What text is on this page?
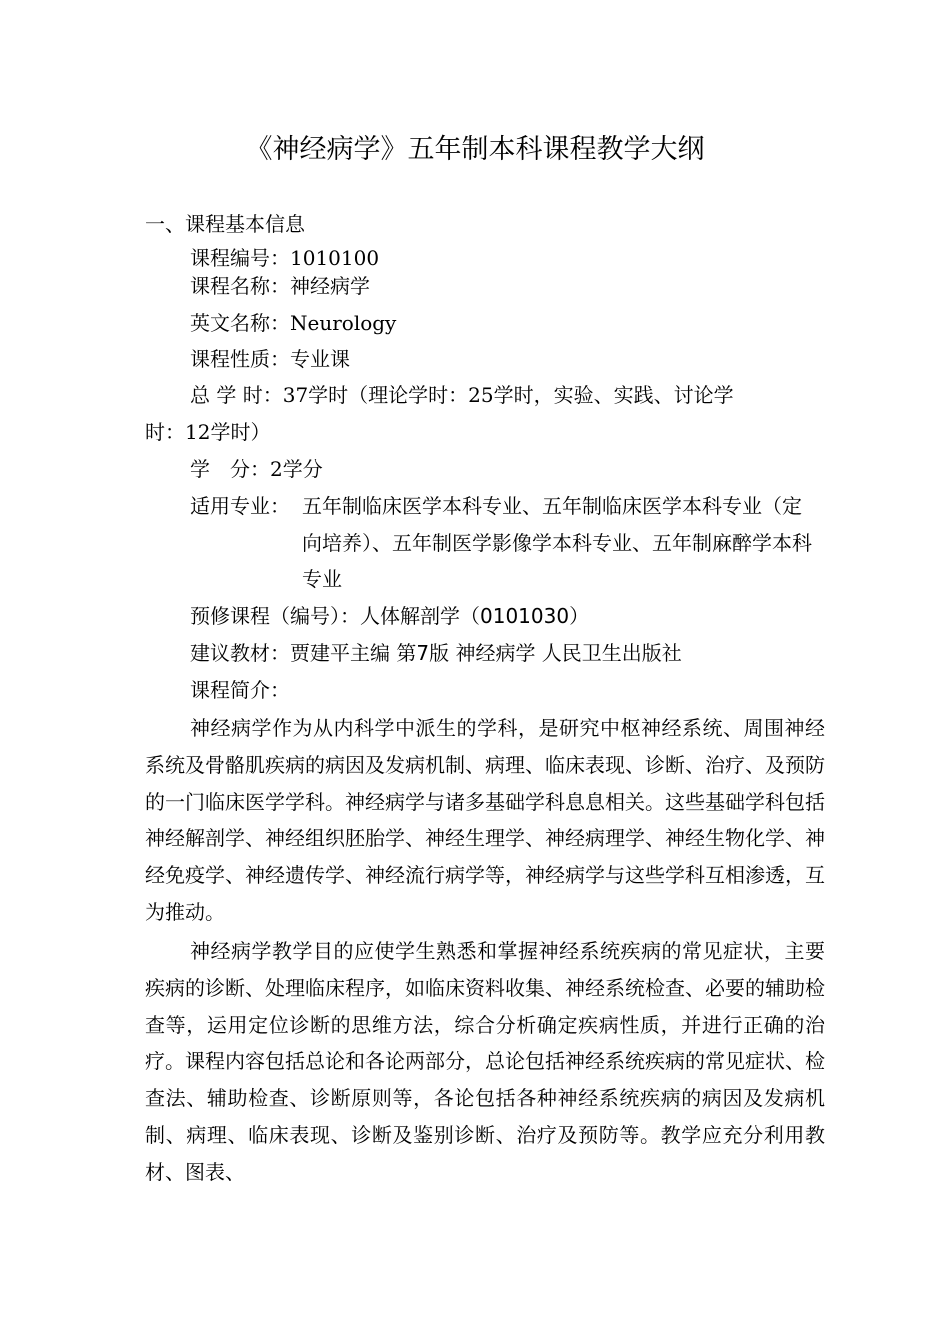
《神经病学》五年制本科课程教学大纲
一、课程基本信息
课程编号：1010100
课程名称：神经病学
英文名称：Neurology
课程性质：专业课
总 学 时：37学时（理论学时：25学时，实验、实践、讨论学
时：12学时）
学　分：2学分
适用专业： 五年制临床医学本科专业、五年制临床医学本科专业（定向培养）、五年制医学影像学本科专业、五年制麻醉学本科专业
预修课程（编号）：人体解剖学（0101030）
建议教材：贾建平主编 第7版 神经病学 人民卫生出版社
课程简介：

神经病学作为从内科学中派生的学科，是研究中枢神经系统、周围神经系统及骨骼肌疾病的病因及发病机制、病理、临床表现、诊断、治疗、及预防的一门临床医学学科。神经病学与诸多基础学科息息相关。这些基础学科包括神经解剖学、神经组织胚胎学、神经生理学、神经病理学、神经生物化学、神经免疫学、神经遗传学、神经流行病学等，神经病学与这些学科互相渗透，互为推动。

神经病学教学目的应使学生熟悉和掌握神经系统疾病的常见症状，主要疾病的诊断、处理临床程序，如临床资料收集、神经系统检查、必要的辅助检查等，运用定位诊断的思维方法，综合分析确定疾病性质，并进行正确的治疗。课程内容包括总论和各论两部分，总论包括神经系统疾病的常见症状、检查法、辅助检查、诊断原则等，各论包括各种神经系统疾病的病因及发病机制、病理、临床表现、诊断及鉴别诊断、治疗及预防等。教学应充分利用教材、图表、
